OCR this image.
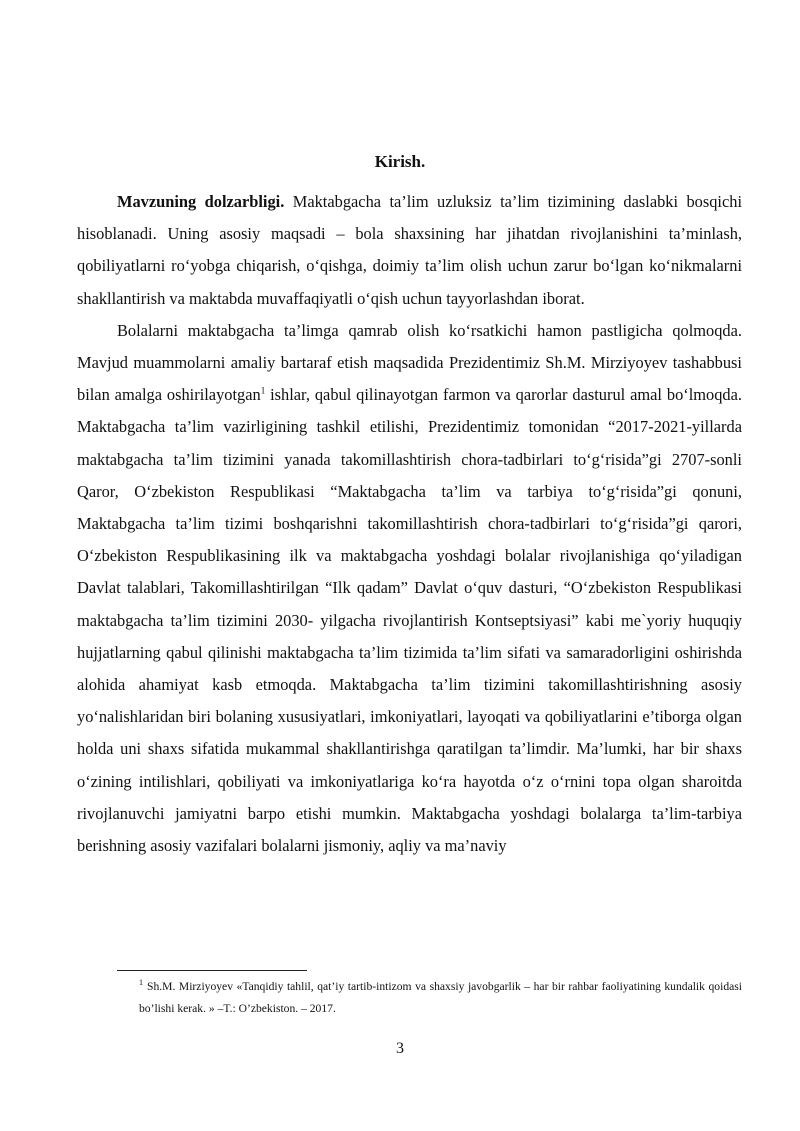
Kirish.

Mavzuning dolzarbligi. Maktabgacha ta’lim uzluksiz ta’lim tizimining daslabki bosqichi hisoblanadi. Uning asosiy maqsadi – bola shaxsining har jihatdan rivojlanishini ta’minlash, qobiliyatlarni ro‘yobga chiqarish, o‘qishga, doimiy ta’lim olish uchun zarur bo‘lgan ko‘nikmalarni shakllantirish va maktabda muvaffaqiyatli o‘qish uchun tayyorlashdan iborat.

Bolalarni maktabgacha ta’limga qamrab olish ko‘rsatkichi hamon pastligicha qolmoqda. Mavjud muammolarni amaliy bartaraf etish maqsadida Prezidentimiz Sh.M. Mirziyoyev tashabbusi bilan amalga oshirilayotgan$^1$ ishlar, qabul qilinayotgan farmon va qarorlar dasturul amal bo‘lmoqda. Maktabgacha ta’lim vazirligining tashkil etilishi, Prezidentimiz tomonidan “2017-2021-yillarda maktabgacha ta’lim tizimini yanada takomillashtirish chora-tadbirlari to‘g‘risida”gi 2707-sonli Qaror, O‘zbekiston Respublikasi “Maktabgacha ta’lim va tarbiya to‘g‘risida”gi qonuni, Maktabgacha ta’lim tizimi boshqarishni takomillashtirish chora-tadbirlari to‘g‘risida”gi qarori, O‘zbekiston Respublikasining ilk va maktabgacha yoshdagi bolalar rivojlanishiga qo‘yiladigan Davlat talablari, Takomillashtirilgan “Ilk qadam” Davlat o‘quv dasturi, “O‘zbekiston Respublikasi maktabgacha ta’lim tizimini 2030- yilgacha rivojlantirish Kontseptsiyasi” kabi me`yoriy huquqiy hujjatlarning qabul qilinishi maktabgacha ta’lim tizimida ta’lim sifati va samaradorligini oshirishda alohida ahamiyat kasb etmoqda. Maktabgacha ta’lim tizimini takomillashtirishning asosiy yo‘nalishlaridan biri bolaning xususiyatlari, imkoniyatlari, layoqati va qobiliyatlarini e’tiborga olgan holda uni shaxs sifatida mukammal shakllantirishga qaratilgan ta’limdir. Ma’lumki, har bir shaxs o‘zining intilishlari, qobiliyati va imkoniyatlariga ko‘ra hayotda o‘z o‘rnini topa olgan sharoitda rivojlanuvchi jamiyatni barpo etishi mumkin. Maktabgacha yoshdagi bolalarga ta’lim-tarbiya berishning asosiy vazifalari bolalarni jismoniy, aqliy va ma’naviy

$^1$ Sh.M. Mirziyoyev «Tanqidiy tahlil, qat’iy tartib-intizom va shaxsiy javobgarlik – har bir rahbar faoliyatining kundalik qoidasi bo’lishi kerak. » –T.: O’zbekiston. – 2017.
3
